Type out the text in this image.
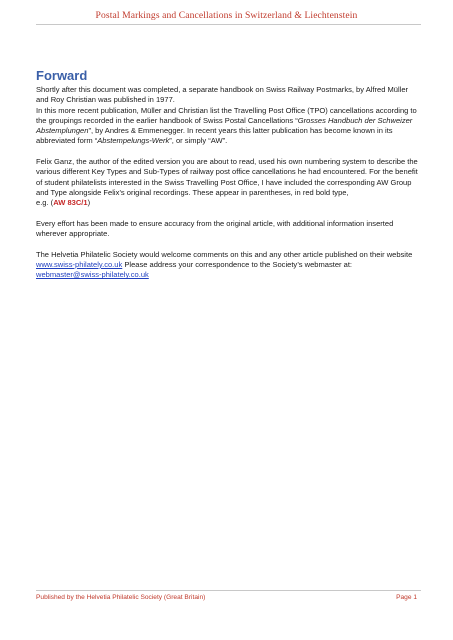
Postal Markings and Cancellations in Switzerland & Liechtenstein
Forward
Shortly after this document was completed, a separate handbook on Swiss Railway Postmarks, by Alfred Müller and Roy Christian was published in 1977.
In this more recent publication, Müller and Christian list the Travelling Post Office (TPO) cancellations according to the groupings recorded in the earlier handbook of Swiss Postal Cancellations “Grosses Handbuch der Schweizer Abstemplungen”, by Andres & Emmenegger. In recent years this latter publication has become known in its abbreviated form “Abstempelungs-Werk”, or simply “AW”.
Felix Ganz, the author of the edited version you are about to read, used his own numbering system to describe the various different Key Types and Sub-Types of railway post office cancellations he had encountered. For the benefit of student philatelists interested in the Swiss Travelling Post Office, I have included the corresponding AW Group and Type alongside Felix’s original recordings. These appear in parentheses, in red bold type,
e.g. (AW 83C/1)
Every effort has been made to ensure accuracy from the original article, with additional information inserted wherever appropriate.
The Helvetia Philatelic Society would welcome comments on this and any other article published on their website www.swiss-philately.co.uk Please address your correspondence to the Society’s webmaster at: webmaster@swiss-philately.co.uk
Published by the Helvetia Philatelic Society (Great Britain)	Page 1
